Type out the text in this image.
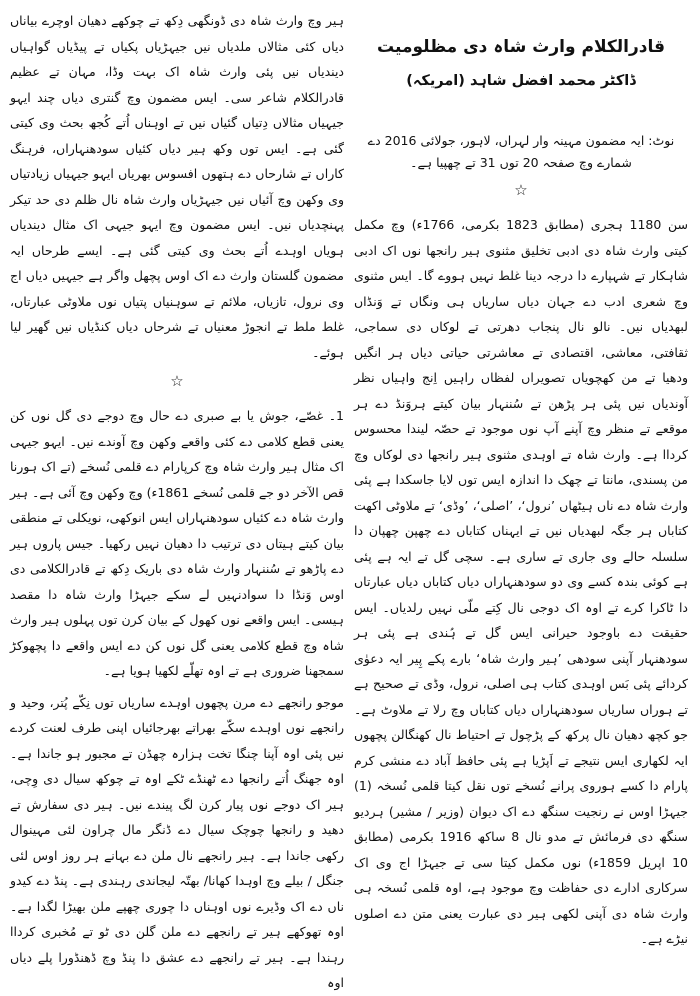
قادرالکلام وارث شاہ دی مظلومیت
ڈاکٹر محمد افضل شاہد (امریکہ)
نوٹ: ایہ مضمون مہینہ وار لہراں، لاہور، جولائی 2016 دے شمارے وچ صفحہ 20 توں 31 تے چھپیا ہے۔
☆

سن 1180 ہجری (مطابق 1823 بکرمی، 1766ء) وچ مکمل کیتی وارث شاہ دی ادبی تخلیق مثنوی ہیر رانجھا نوں اک ادبی شاہکار تے شہپارے دا درجہ دینا غلط نہیں ہووے گا۔ ایس مثنوی وچ شعری ادب دے جہان دیاں ساریاں ہی ونگاں تے وَنڈاں لبھدیاں نیں۔ نالو نال پنجاب دھرتی تے لوکاں دی سماجی، ثقافتی، معاشی، اقتصادی تے معاشرتی حیاتی دیاں ہر انگیں ودھیا تے من کھچویاں تصویراں لفظاں راہیں اِنج واہیاں نظر آوندیاں نیں پئی ہر پڑھن تے سُننہار بیان کیتے ہروَنڈ دے ہر موقعے تے منظر وچ آپنے آپ نوں موجود تے حصّہ لیندا محسوس کرداا ہے۔ وارث شاہ تے اوہدی مثنوی ہیر رانجھا دی لوکاں وچ من پسندی، مانتا تے چھک دا اندازہ ایس توں لایا جاسکدا ہے پئی وارث شاہ دے ناں ہیٹھاں ’نرول‘، ’اصلی‘، ’وڈی‘ تے ملاوٹی اکھت کتاباں ہر جگہ لبھدیاں نیں تے ایہناں کتاباں دے چھپن چھپان دا سلسلہ حالے وی جاری تے ساری ہے۔ سچی گل تے ایہ ہے پئی ہے کوئی بندہ کسے وی دو سودھنہاراں دیاں کتاباں دیاں عبارتاں دا ٹاکرا کرے تے اوہ اک دوجی نال کِتے ملّی نہیں رلدیاں۔ ایس حقیقت دے باوجود حیرانی ایس گل تے ہُندی ہے پئی ہر سودھنہار آپنی سودھی ’ہیر وارث شاہ‘ بارے پکے پِیر ایہ دعوٰی کردائے پئی بَس اوہدی کتاب ہی اصلی، نرول، وڈی تے صحیح ہے تے ہوراں ساریاں سودھنہاراں دیاں کتاباں وچ رلا تے ملاوٹ ہے۔ جو کچھ دھیان نال پرکھ کے پڑچول تے احتیاط نال کھنگالن پچھوں ایہ لکھاری ایس نتیجے تے اَپڑیا ہے پئی حافظ آباد دے منشی کرم پارام دا کسے ہوروی پرانے نُسخے توں نقل کیتا قلمی نُسخہ (1) جیہڑا اوس نے رنجیت سنگھ دے اک دیوان (وزیر / مشیر) ہردیو سنگھ دی فرمائش تے مدو نال 8 ساکھ 1916 بکرمی (مطابق 10 اپریل 1859ء) نوں مکمل کیتا سی تے جیہڑا اج وی اک سرکاری ادارے دی حفاظت وچ موجود ہے، اوہ قلمی نُسخہ ہی وارث شاہ دی آپنی لکھی ہیر دی عبارت یعنی متن دے اصلوں نیڑے ہے۔

ہیر وچ وارث شاہ دی ڈونگھی دِکھ تے چوکھے دھیان اوچرے بیاناں دیاں کئی مثالاں ملدیاں نیں جیہڑیاں پکیاں تے پیڈیاں گواہیاں دیندیاں نیں پئی وارث شاہ اک بہت وڈا، مہان تے عظیم قادرالکلام شاعر سی۔ ایس مضمون وچ گنتری دیاں چند ایہو جیہیاں مثالاں دِتیاں گئیاں نیں تے اوہناں اُتے کُجھ بحث وی کیتی گئی ہے۔ ایس توں وکھ ہیر دیاں کئیاں سودھنہاراں، فرہنگ کاراں تے شارحاں دے ہتھوں افسوس بھریاں ایہو جیہیاں زیادتیاں وی وکھن وچ آئیاں نیں جیہڑیاں وارث شاہ نال ظلم دی حد تیکر پہنچدیاں نیں۔ ایس مضمون وچ ایہو جیہی اک مثال دیندیاں ہویاں اوہدے اُتے بحث وی کیتی گئی ہے۔ ایسے طرحاں ایہ مضمون گلستان وارث دے اک اوس پچھل واگر ہے جیہیں دیاں اج وی نرول، تازیاں، ملائم تے سوہنیاں پتیاں نوں ملاوٹی عبارتاں، غلط ملط تے انجوڑ معنیاں تے شرحاں دیاں کنڈیاں نیں گھیر لیا ہوئے۔

☆

1۔ غصّے، جوش یا بے صبری دے حال وچ دوجے دی گل نوں کن یعنی قطع کلامی دے کئی واقعے وکھن وچ آوندے نیں۔ ایہو جیہی اک مثال ہیر وارث شاہ وچ کرپارام دے قلمی نُسخے (تے اک ہورنا قص الآخر دو جے قلمی نُسخے 1861ء) وچ وکھن وچ آئی ہے۔ ہیر وارث شاہ دے کئیاں سودھنہاراں ایس انوکھی، نویکلی تے منطقی بیان کیتے ہیتاں دی ترتیب دا دھیان نہیں رکھیا۔ جیس پاروں ہیر دے پاڑھو تے سُننہار وارث شاہ دی باریک دِکھ تے قادرالکلامی دی اوس وَنڈا دا سوادنہیں لے سکے جیہڑا وارث شاہ دا مقصد ہیسی۔ ایس واقعے نوں کھول کے بیان کرن توں پہلوں ہیر وارث شاہ وچ قطع کلامی یعنی گل نوں کن دے ایس واقعے دا پچھوکڑ سمجھنا ضروری ہے تے اوہ تھلّے لکھیا ہویا ہے۔

موجو رانجھے دے مرن پچھوں اوہدے ساریاں توں نِکّے پُتر، وحید و رانجھے نوں اوہدے سکّے بھراتے بھرجائیاں اپنی طرف لعنت کردے نیں پئی اوہ آپنا چنگا تخت ہزارہ چھڈن تے مجبور ہو جاندا ہے۔ اوہ جھنگ اُتے رانجھا دے ٹھنڈے ٹکے اوہ تے چوکھ سیال دی وِچی، ہیر اک دوجے نوں پیار کرن لگ پیندے نیں۔ ہیر دی سفارش تے دھید و رانجھا چوچک سیال دے ڈنگر مال چراون لئی مہینوال رکھی جاندا ہے۔ ہیر رانجھے نال ملن دے بہانے ہر روز اوس لئی جنگل / بیلے وچ اوہدا کھانا/ بھتّہ لیجاندی رہندی ہے۔ پنڈ دے کیدو ناں دے اک وڈیرے نوں اوہناں دا چوری چھپے ملن بھیڑا لگدا ہے۔ اوہ تھوکھے ہیر تے رانجھے دے ملن گلن دی ٹو تے مُخبری کرداا رہندا ہے۔ ہیر تے رانجھے دے عشق دا پنڈ وچ ڈھنڈورا پلے دیاں اوہ
